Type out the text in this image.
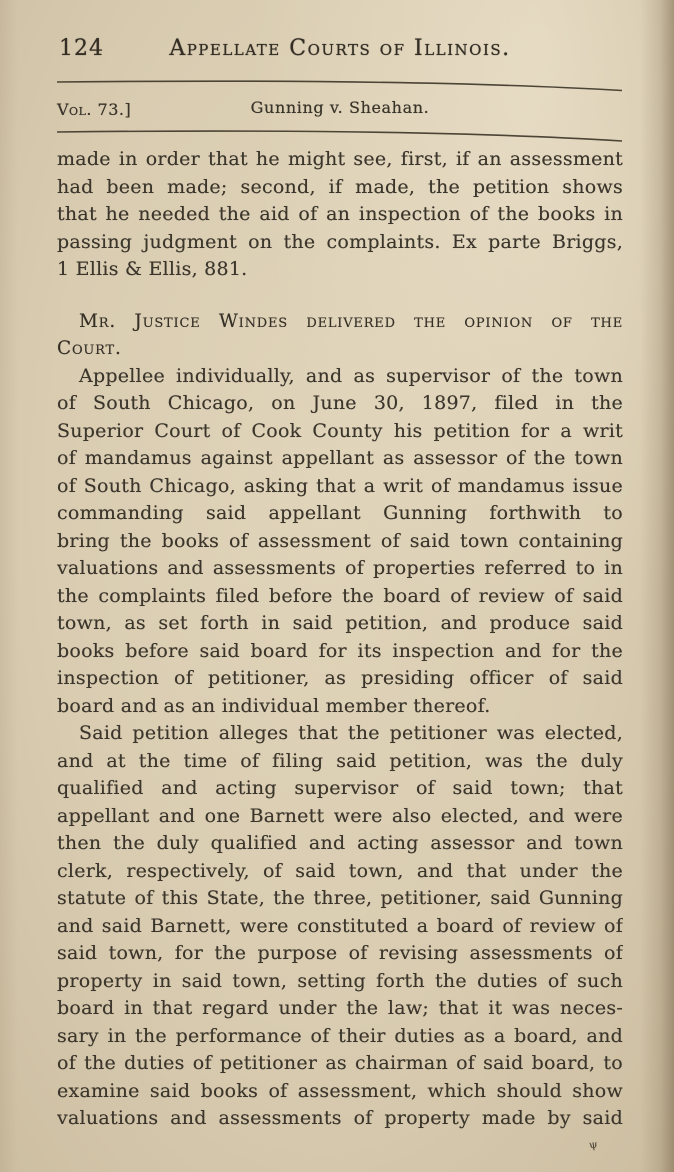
124	Appellate Courts of Illinois.
Vol. 73.]	Gunning v. Sheahan.
made in order that he might see, first, if an assessment
had been made; second, if made, the petition shows
that he needed the aid of an inspection of the books in
passing judgment on the complaints. Ex parte Briggs,
1 Ellis & Ellis, 881.
Mr. Justice Windes delivered the opinion of the
Court.
Appellee individually, and as supervisor of the town
of South Chicago, on June 30, 1897, filed in the
Superior Court of Cook County his petition for a writ
of mandamus against appellant as assessor of the town
of South Chicago, asking that a writ of mandamus issue
commanding said appellant Gunning forthwith to
bring the books of assessment of said town containing
valuations and assessments of properties referred to in
the complaints filed before the board of review of said
town, as set forth in said petition, and produce said
books before said board for its inspection and for the
inspection of petitioner, as presiding officer of said
board and as an individual member thereof.
Said petition alleges that the petitioner was elected,
and at the time of filing said petition, was the duly
qualified and acting supervisor of said town; that
appellant and one Barnett were also elected, and were
then the duly qualified and acting assessor and town
clerk, respectively, of said town, and that under the
statute of this State, the three, petitioner, said Gunning
and said Barnett, were constituted a board of review of
said town, for the purpose of revising assessments of
property in said town, setting forth the duties of such
board in that regard under the law; that it was neces-
sary in the performance of their duties as a board, and
of the duties of petitioner as chairman of said board, to
examine said books of assessment, which should show
valuations and assessments of property made by said
ψ
